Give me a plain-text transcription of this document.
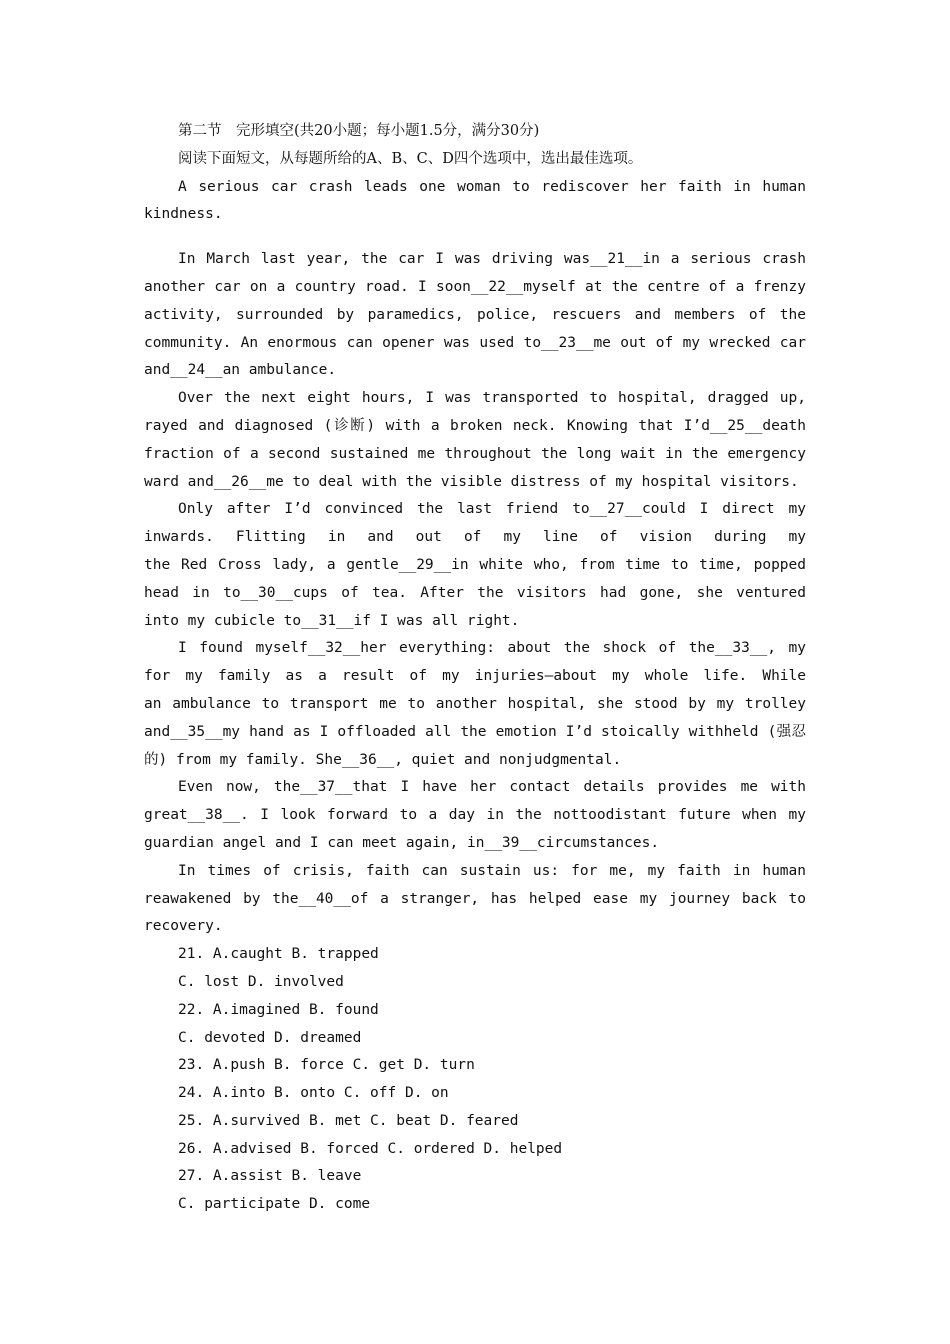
第二节　完形填空(共20小题；每小题1.5分，满分30分)
阅读下面短文，从每题所给的A、B、C、D四个选项中，选出最佳选项。
A serious car crash leads one woman to rediscover her faith in human
kindness.
In March last year, the car I was driving was__21__in a serious crash
another car on a country road. I soon__22__myself at the centre of a frenzy
activity, surrounded by paramedics, police, rescuers and members of the
community. An enormous can opener was used to__23__me out of my wrecked car
and__24__an ambulance.
Over the next eight hours, I was transported to hospital, dragged up,
rayed and diagnosed (诊断) with a broken neck. Knowing that I’d__25__death
fraction of a second sustained me throughout the long wait in the emergency
ward and__26__me to deal with the visible distress of my hospital visitors.
Only after I’d convinced the last friend to__27__could I direct my
inwards. Flitting in and out of my line of vision during my
the Red Cross lady, a gentle__29__in white who, from time to time, popped
head in to__30__cups of tea. After the visitors had gone, she ventured
into my cubicle to__31__if I was all right.
I found myself__32__her everything: about the shock of the__33__, my
for my family as a result of my injuries—about my whole life. While
an ambulance to transport me to another hospital, she stood by my trolley
and__35__my hand as I offloaded all the emotion I’d stoically withheld (强忍
的) from my family. She__36__, quiet and nonjudgmental.
Even now, the__37__that I have her contact details provides me with
great__38__. I look forward to a day in the nottoodistant future when my
guardian angel and I can meet again, in__39__circumstances.
In times of crisis, faith can sustain us: for me, my faith in human
reawakened by the__40__of a stranger, has helped ease my journey back to
recovery.
21. A.caught B. trapped
C. lost D. involved
22. A.imagined B. found
C. devoted D. dreamed
23. A.push B. force C. get D. turn
24. A.into B. onto C. off D. on
25. A.survived B. met C. beat D. feared
26. A.advised B. forced C. ordered D. helped
27. A.assist B. leave
C. participate D. come
